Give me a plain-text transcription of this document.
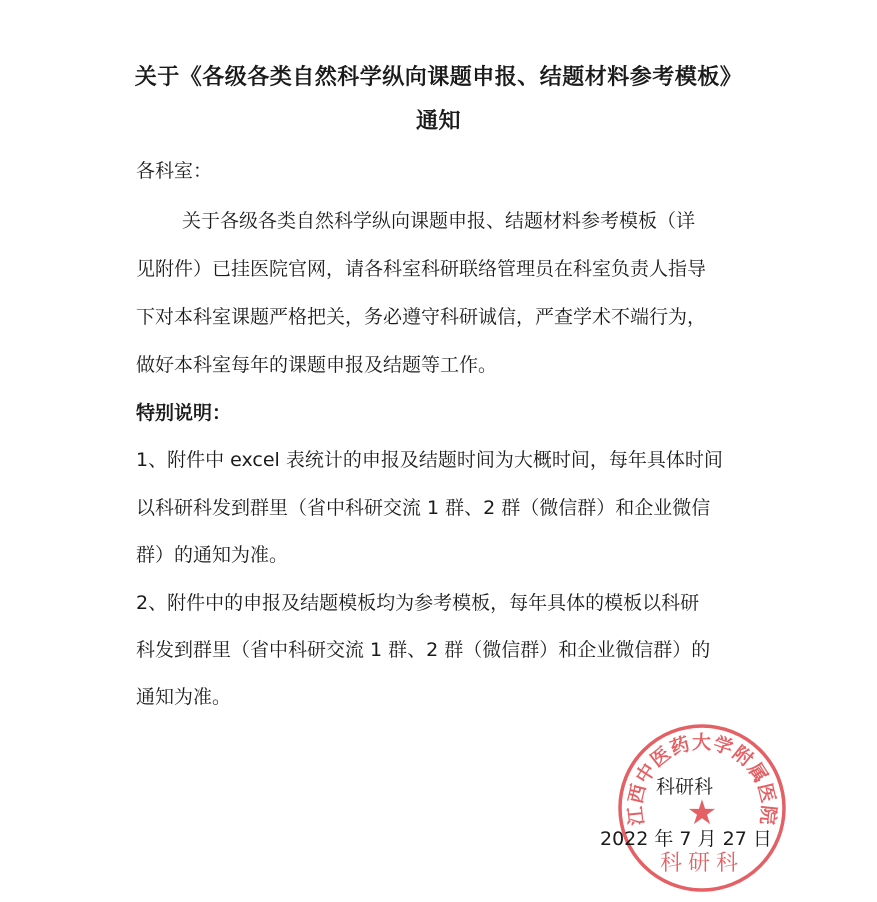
关于《各级各类自然科学纵向课题申报、结题材料参考模板》
通知

各科室：

关于各级各类自然科学纵向课题申报、结题材料参考模板（详

见附件）已挂医院官网，请各科室科研联络管理员在科室负责人指导

下对本科室课题严格把关，务必遵守科研诚信，严查学术不端行为，

做好本科室每年的课题申报及结题等工作。

特别说明：

1、附件中 excel 表统计的申报及结题时间为大概时间，每年具体时间

以科研科发到群里（省中科研交流 1 群、2 群（微信群）和企业微信

群）的通知为准。

2、附件中的申报及结题模板均为参考模板，每年具体的模板以科研

科发到群里（省中科研交流 1 群、2 群（微信群）和企业微信群）的

通知为准。

江西中医药大学附属医院
★
科研科
科研科
2022 年 7 月 27 日
